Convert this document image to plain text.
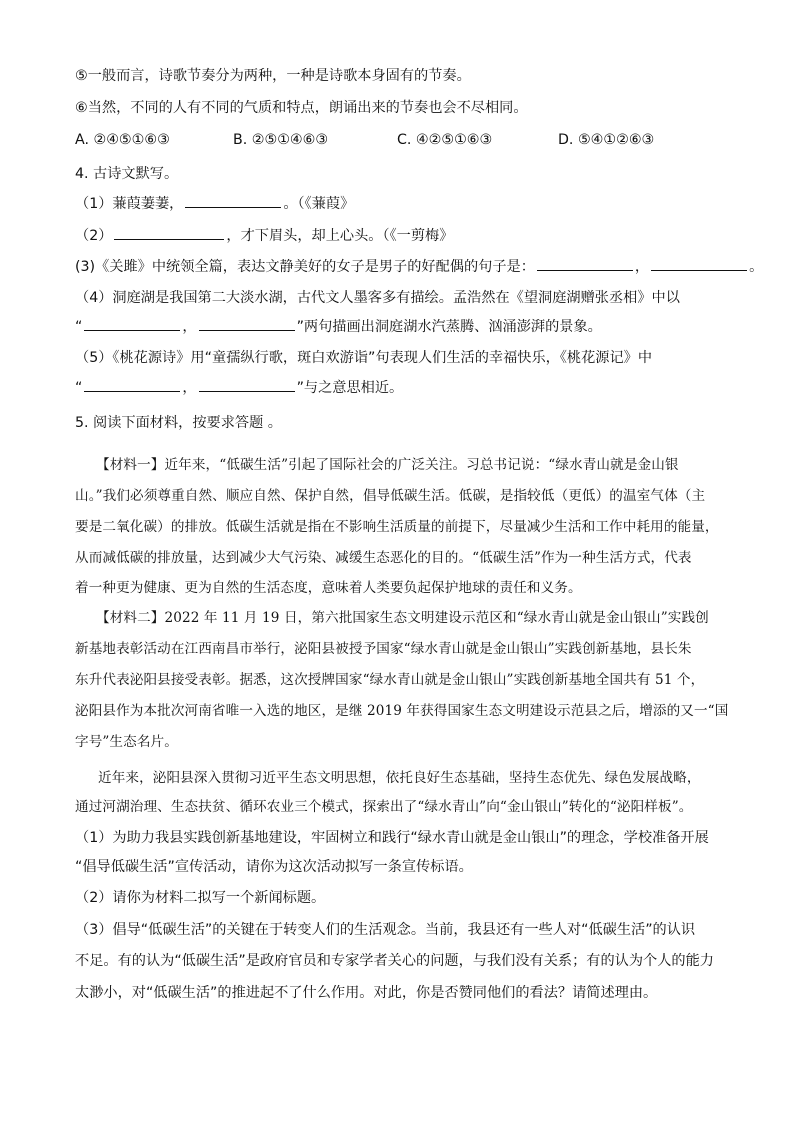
⑤一般而言，诗歌节奏分为两种，一种是诗歌本身固有的节奏。
⑥当然，不同的人有不同的气质和特点，朗诵出来的节奏也会不尽相同。
A. ②④⑤①⑥③	B. ②⑤①④⑥③	C. ④②⑤①⑥③	D. ⑤④①②⑥③
4. 古诗文默写。
（1）蒹葭萋萋，	。（《蒹葭》
（2）	，才下眉头，却上心头。（《一剪梅》
(3)《关雎》中统领全篇，表达文静美好的女子是男子的好配偶的句子是：	，	。
（4）洞庭湖是我国第二大淡水湖，古代文人墨客多有描绘。孟浩然在《望洞庭湖赠张丞相》中以
“	，	”两句描画出洞庭湖水汽蒸腾、汹涌澎湃的景象。
（5）《桃花源诗》用“童孺纵行歌，斑白欢游诣”句表现人们生活的幸福快乐，《桃花源记》中
“	，	”与之意思相近。
5. 阅读下面材料，按要求答题 。
【材料一】近年来，“低碳生活”引起了国际社会的广泛关注。习总书记说：“绿水青山就是金山银
山。”我们必须尊重自然、顺应自然、保护自然，倡导低碳生活。低碳，是指较低（更低）的温室气体（主
要是二氧化碳）的排放。低碳生活就是指在不影响生活质量的前提下，尽量减少生活和工作中耗用的能量，
从而减低碳的排放量，达到减少大气污染、减缓生态恶化的目的。“低碳生活”作为一种生活方式，代表
着一种更为健康、更为自然的生活态度，意味着人类要负起保护地球的责任和义务。
【材料二】2022 年 11 月 19 日，第六批国家生态文明建设示范区和“绿水青山就是金山银山”实践创
新基地表彰活动在江西南昌市举行，泌阳县被授予国家“绿水青山就是金山银山”实践创新基地，县长朱
东升代表泌阳县接受表彰。据悉，这次授牌国家“绿水青山就是金山银山”实践创新基地全国共有 51 个，
泌阳县作为本批次河南省唯一入选的地区，是继 2019 年获得国家生态文明建设示范县之后，增添的又一“国
字号”生态名片。
近年来，泌阳县深入贯彻习近平生态文明思想，依托良好生态基础，坚持生态优先、绿色发展战略，
通过河湖治理、生态扶贫、循环农业三个模式，探索出了“绿水青山”向“金山银山”转化的“泌阳样板”。
（1）为助力我县实践创新基地建设，牢固树立和践行“绿水青山就是金山银山”的理念，学校准备开展
“倡导低碳生活”宣传活动，请你为这次活动拟写一条宣传标语。
（2）请你为材料二拟写一个新闻标题。
（3）倡导“低碳生活”的关键在于转变人们的生活观念。当前，我县还有一些人对“低碳生活”的认识
不足。有的认为“低碳生活”是政府官员和专家学者关心的问题，与我们没有关系；有的认为个人的能力
太渺小，对“低碳生活”的推进起不了什么作用。对此，你是否赞同他们的看法？请简述理由。
